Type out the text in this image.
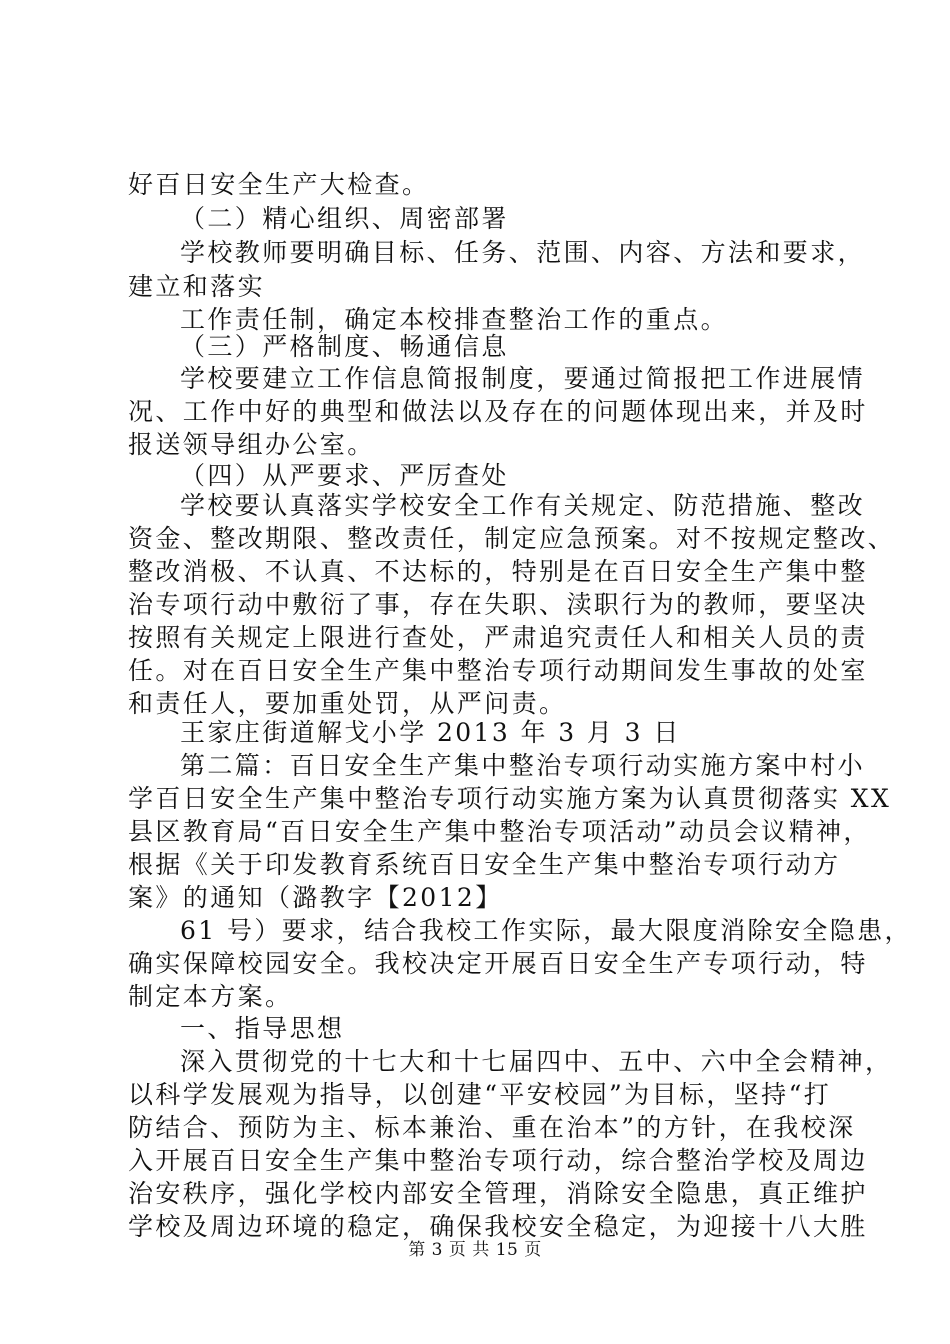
好百日安全生产大检查。
（二）精心组织、周密部署
学校教师要明确目标、任务、范围、内容、方法和要求，
建立和落实
工作责任制，确定本校排查整治工作的重点。
（三）严格制度、畅通信息
学校要建立工作信息简报制度，要通过简报把工作进展情
况、工作中好的典型和做法以及存在的问题体现出来，并及时
报送领导组办公室。
（四）从严要求、严厉查处
学校要认真落实学校安全工作有关规定、防范措施、整改
资金、整改期限、整改责任，制定应急预案。对不按规定整改、
整改消极、不认真、不达标的，特别是在百日安全生产集中整
治专项行动中敷衍了事，存在失职、渎职行为的教师，要坚决
按照有关规定上限进行查处，严肃追究责任人和相关人员的责
任。对在百日安全生产集中整治专项行动期间发生事故的处室
和责任人，要加重处罚，从严问责。
王家庄街道解戈小学 2013 年 3 月 3 日
第二篇：百日安全生产集中整治专项行动实施方案中村小
学百日安全生产集中整治专项行动实施方案为认真贯彻落实 XX
县区教育局“百日安全生产集中整治专项活动”动员会议精神，
根据《关于印发教育系统百日安全生产集中整治专项行动方
案》的通知（潞教字【2012】
61 号）要求，结合我校工作实际，最大限度消除安全隐患，
确实保障校园安全。我校决定开展百日安全生产专项行动，特
制定本方案。
一、指导思想
深入贯彻党的十七大和十七届四中、五中、六中全会精神，
以科学发展观为指导，以创建“平安校园”为目标，坚持“打
防结合、预防为主、标本兼治、重在治本”的方针，在我校深
入开展百日安全生产集中整治专项行动，综合整治学校及周边
治安秩序，强化学校内部安全管理，消除安全隐患，真正维护
学校及周边环境的稳定，确保我校安全稳定，为迎接十八大胜
第 3 页 共 15 页
